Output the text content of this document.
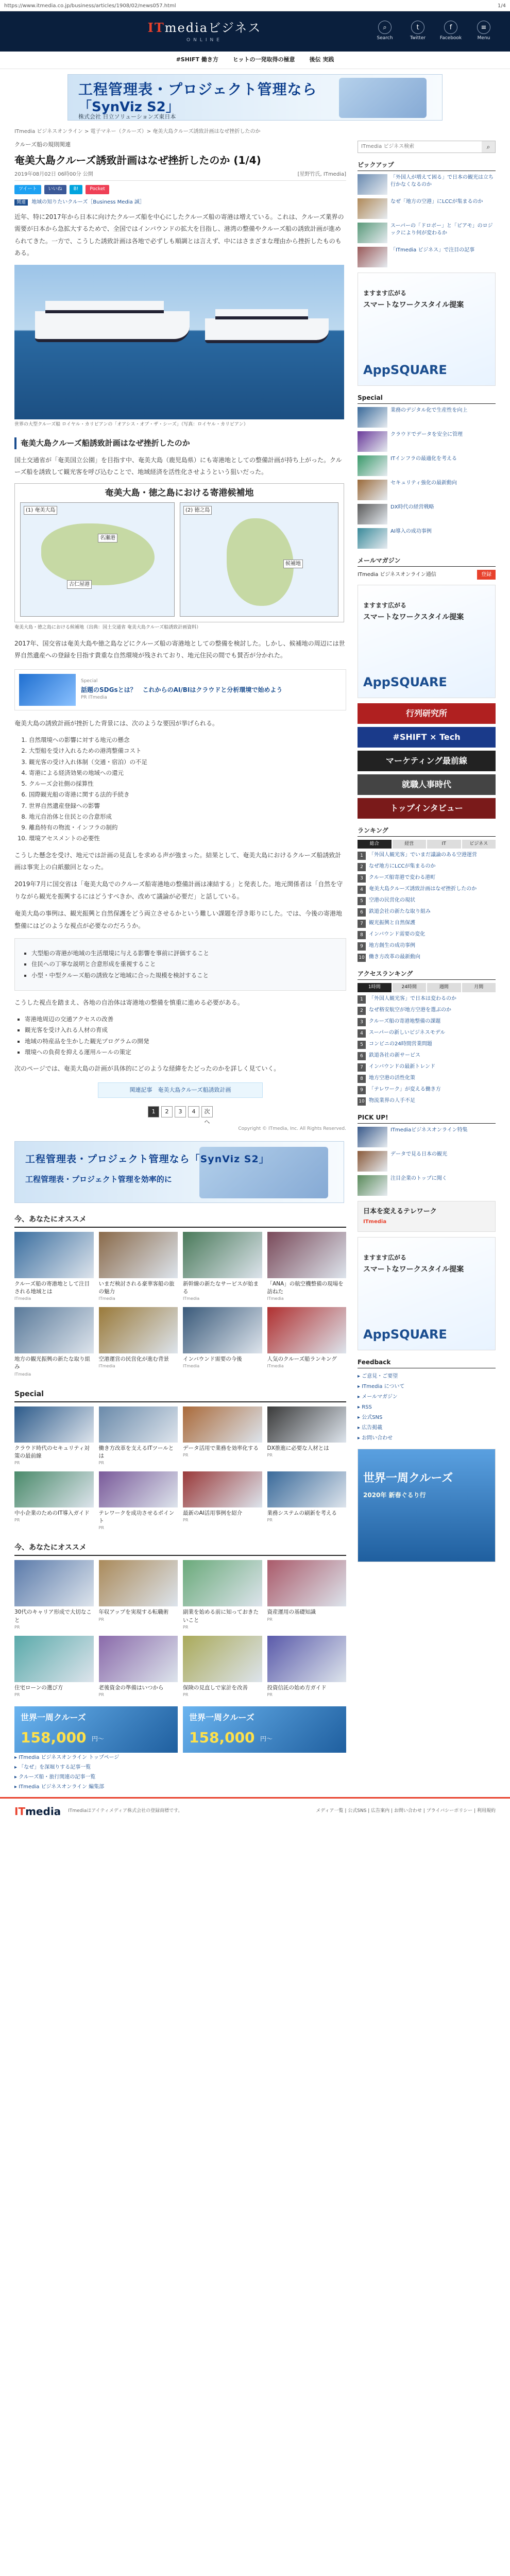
https://www.itmedia.co.jp/business/articles/1908/02/news057.html	1/4
ITmediaビジネス
ONLINE
⌕
Search
t
Twitter
f
Facebook
≡
Menu
#SHIFT 働き方	ヒットの一発取得の極意	後伝 実践
工程管理表・プロジェクト管理なら
「SynViz S2」
株式会社 日立ソリューションズ東日本
ITmedia ビジネスオンライン > 電子マネー（クルーズ）> 奄美大島クルーズ誘致計画はなぜ挫折したのか
クルーズ船の規則関連
奄美大島クルーズ誘致計画はなぜ挫折したのか (1/4)
2019年08月02日 06時00分 公開	[星野竹氏, ITmedia]
ツイート	いいね	B!	Pocket
関連 地域の知りたいクルーズ［Business Media 誠］

近年、特に2017年から日本に向けたクルーズ船を中心にしたクルーズ船の寄港は増えている。これは、クルーズ業界の需要が日本から急拡大するためで、全国ではインバウンドの拡大を目指し、港湾の整備やクルーズ船の誘致計画が進められてきた。一方で、こうした誘致計画は各地で必ずしも順調とは言えず、中にはさまざまな理由から挫折したものもある。

世界の大型クルーズ船 ロイヤル・カリビアンの「オアシス・オブ・ザ・シーズ」（写真：ロイヤル・カリビアン）
奄美大島クルーズ船誘致計画はなぜ挫折したのか

国土交通省が「奄美国立公園」を目指す中、奄美大島（鹿児島県）にも寄港地としての整備計画が持ち上がった。クルーズ船を誘致して観光客を呼び込むことで、地域経済を活性化させようという狙いだった。

奄美大島・徳之島における寄港候補地
(1) 奄美大島
名瀬港
古仁屋港
(2) 徳之島
候補地
奄美大島・徳之島における候補地（出典：国土交通省 奄美大島クルーズ船誘致計画資料）

2017年、国交省は奄美大島や徳之島などにクルーズ船の寄港地としての整備を検討した。しかし、候補地の周辺には世界自然遺産への登録を目指す貴重な自然環境が残されており、地元住民の間でも賛否が分かれた。

Special
話題のSDGsとは？　これからのAI/BIはクラウドと分析環境で始めよう
PR ITmedia

奄美大島の誘致計画が挫折した背景には、次のような要因が挙げられる。

1. 自然環境への影響に対する地元の懸念
2. 大型船を受け入れるための港湾整備コスト
3. 観光客の受け入れ体制（交通・宿泊）の不足
4. 寄港による経済効果の地域への還元
5. クルーズ会社側の採算性
6. 国際観光船の寄港に関する法的手続き
7. 世界自然遺産登録への影響
8. 地元自治体と住民との合意形成
9. 離島特有の物流・インフラの制約
10. 環境アセスメントの必要性

こうした懸念を受け、地元では計画の見直しを求める声が強まった。結果として、奄美大島におけるクルーズ船誘致計画は事実上の白紙撤回となった。

2019年7月に国交省は「奄美大島でのクルーズ船寄港地の整備計画は凍結する」と発表した。地元関係者は「自然を守りながら観光を振興するにはどうすべきか、改めて議論が必要だ」と話している。

奄美大島の事例は、観光振興と自然保護をどう両立させるかという難しい課題を浮き彫りにした。では、今後の寄港地整備にはどのような視点が必要なのだろうか。

▪ 大型船の寄港が地域の生活環境に与える影響を事前に評価すること
▪ 住民への丁寧な説明と合意形成を重視すること
▪ 小型・中型クルーズ船の誘致など地域に合った規模を検討すること

こうした視点を踏まえ、各地の自治体は寄港地の整備を慎重に進める必要がある。

▪ 寄港地周辺の交通アクセスの改善
▪ 観光客を受け入れる人材の育成
▪ 地域の特産品を生かした観光プログラムの開発
▪ 環境への負荷を抑える運用ルールの策定

次のページでは、奄美大島の計画が具体的にどのような経緯をたどったのかを詳しく見ていく。

関連記事　奄美大島クルーズ船誘致計画
1	2	3	4	次へ
Copyright © ITmedia, Inc. All Rights Reserved.
工程管理表・プロジェクト管理なら「SynViz S2」
工程管理表・プロジェクト管理を効率的に
今、あなたにオススメ
クルーズ船の寄港地として注目される地域とは
ITmedia
いまだ検討される豪華客船の旅の魅力
ITmedia
新幹線の新たなサービスが始まる
ITmedia
「ANA」の航空機整備の現場を訪ねた
ITmedia
地方の観光振興の新たな取り組み
ITmedia
空港運営の民営化が進む背景
ITmedia
インバウンド需要の今後
ITmedia
人気のクルーズ船ランキング
ITmedia
Special
クラウド時代のセキュリティ対策の最前線
PR
働き方改革を支えるITツールとは
PR
データ活用で業務を効率化する
PR
DX推進に必要な人材とは
PR
中小企業のためのIT導入ガイド
PR
テレワークを成功させるポイント
PR
最新のAI活用事例を紹介
PR
業務システムの刷新を考える
PR
今、あなたにオススメ
30代のキャリア形成で大切なこと
PR
年収アップを実現する転職術
PR
副業を始める前に知っておきたいこと
PR
資産運用の基礎知識
PR
住宅ローンの選び方
PR
老後資金の準備はいつから
PR
保険の見直しで家計を改善
PR
投資信託の始め方ガイド
PR
世界一周クルーズ
158,000 円〜
世界一周クルーズ
158,000 円〜
ITmedia ビジネス検索
⌕
ピックアップ
「外国人が増えて困る」で日本の観光は立ち行かなくなるのか
なぜ「地方の空港」にLCCが集まるのか
スーパーの「ドロボー」と「ピアモ」のロジックにより何が変わるか
「ITmedia ビジネス」で注目の記事
ますます広がる
スマートなワークスタイル提案
AppSQUARE
Special
業務のデジタル化で生産性を向上
クラウドでデータを安全に管理
ITインフラの最適化を考える
セキュリティ強化の最新動向
DX時代の経営戦略
AI導入の成功事例
メールマガジン
ITmedia ビジネスオンライン通信	登録
ますます広がる
スマートなワークスタイル提案
AppSQUARE
行列研究所
#SHIFT × Tech
マーケティング最前線
就職人事時代
トップインタビュー
ランキング
総合	経営	IT	ビジネス
1	「外国人観光客」でいまだ議論のある空港運営
2	なぜ地方にLCCが集まるのか
3	クルーズ船寄港で変わる港町
4	奄美大島クルーズ誘致計画はなぜ挫折したのか
5	空港の民営化の現状
6	鉄道会社の新たな取り組み
7	観光振興と自然保護
8	インバウンド需要の変化
9	地方創生の成功事例
10 働き方改革の最新動向
アクセスランキング
1時間	24時間	週間	月間
1	「外国人観光客」で日本は変わるのか
2	なぜ格安航空が地方空港を選ぶのか
3	クルーズ船の寄港地整備の課題
4	スーパーの新しいビジネスモデル
5	コンビニの24時間営業問題
6	鉄道各社の新サービス
7	インバウンドの最新トレンド
8	地方空港の活性化策
9	「テレワーク」が変える働き方
10 物流業界の人手不足
PICK UP!
ITmediaビジネスオンライン特集
データで見る日本の観光
注目企業のトップに聞く
日本を変えるテレワーク
ITmedia
ますます広がる
スマートなワークスタイル提案
AppSQUARE
Feedback
▸ ご意見・ご要望
▸ ITmedia について
▸ メールマガジン
▸ RSS
▸ 公式SNS
▸ 広告掲載
▸ お問い合わせ
世界一周クルーズ
2020年 新春ぐるり行
▸ ITmedia ビジネスオンライン トップページ
▸ 「なぜ」を深堀りする記事一覧
▸ クルーズ船・旅行関連の記事一覧
▸ ITmedia ビジネスオンライン 編集部
ITmedia ITmediaはアイティメディア株式会社の登録商標です。	メディア一覧 | 公式SNS | 広告案内 | お問い合わせ | プライバシーポリシー | 利用規約
